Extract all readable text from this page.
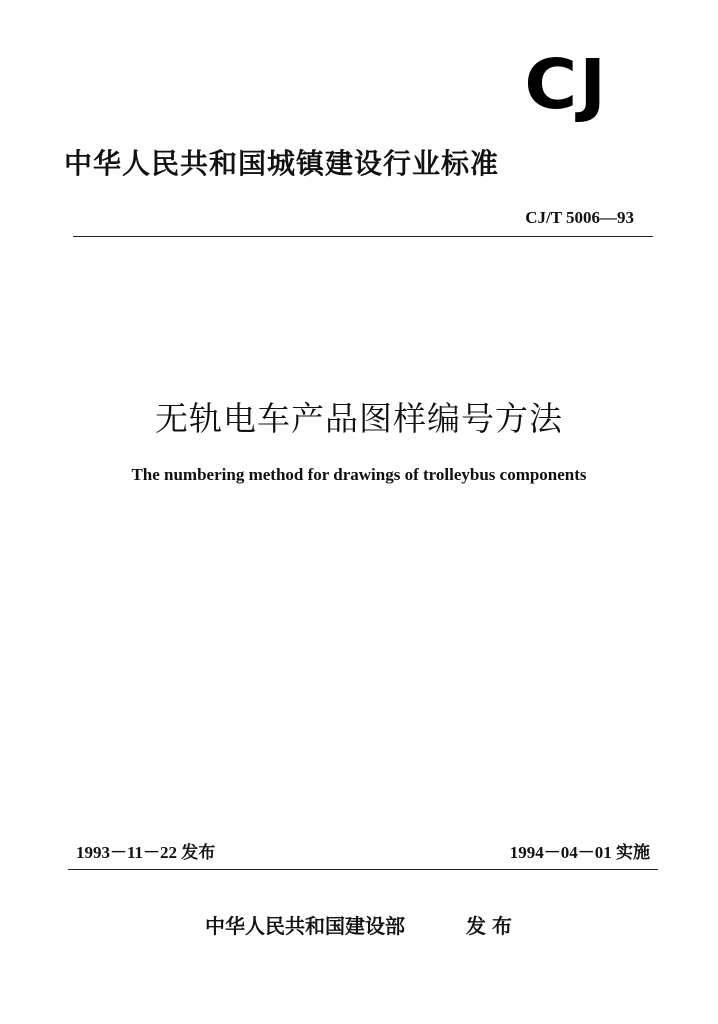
CJ
中华人民共和国城镇建设行业标准
CJ/T 5006—93
无轨电车产品图样编号方法
The numbering method for drawings of trolleybus components
1993－11－22 发布	1994－04－01 实施
中华人民共和国建设部	发布
